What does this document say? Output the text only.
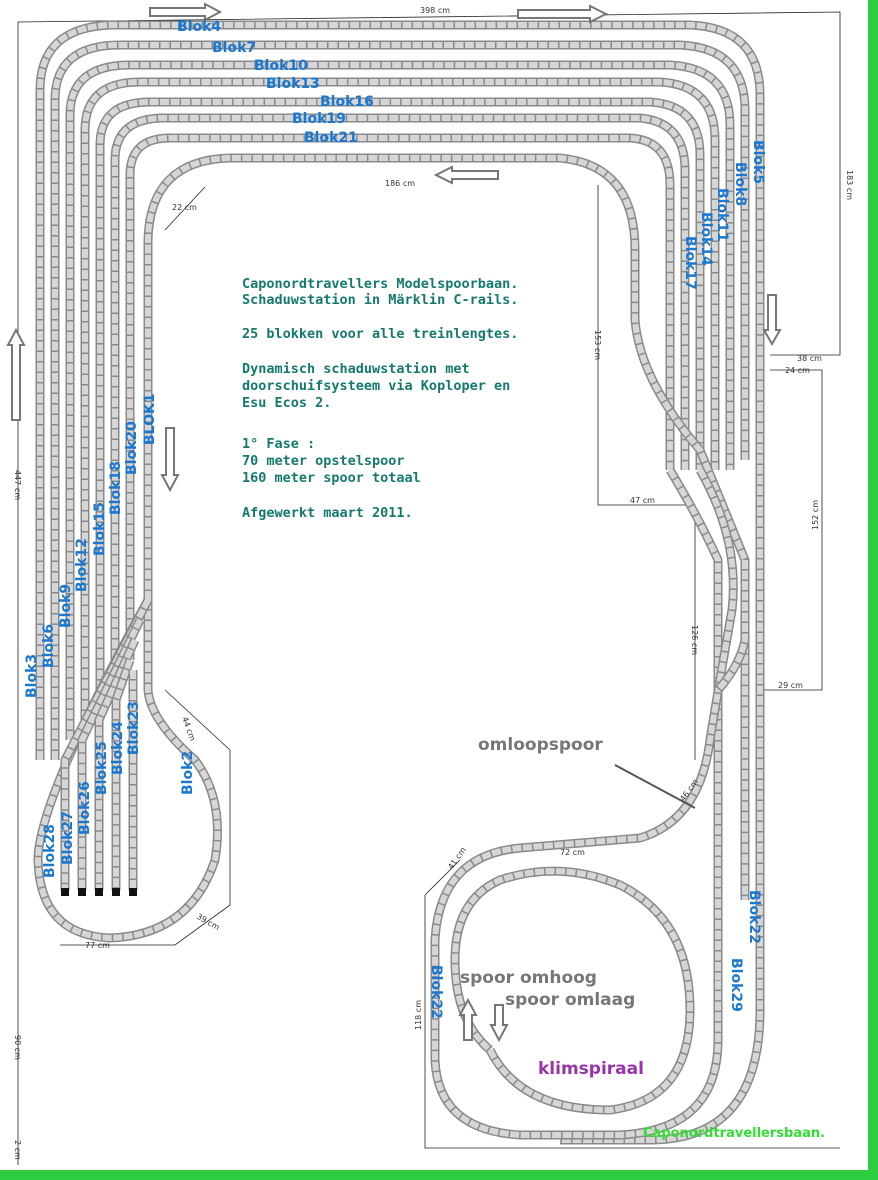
Blok4
Blok7
Blok10
Blok13
Blok16
Blok19
Blok21
Blok5
Blok8
Blok11
Blok14
Blok17
BLOK1
Blok20
Blok18
Blok15
Blok12
Blok9
Blok6
Blok3
Blok23
Blok24
Blok25
Blok26
Blok27
Blok28
Blok2
Blok22
Blok22
Blok29
Caponordtravellers Modelspoorbaan.
Schaduwstation in Märklin C-rails.
25 blokken voor alle treinlengtes.
Dynamisch schaduwstation met
doorschuifsysteem via Koploper en
Esu Ecos 2.
1° Fase :
70 meter opstelspoor
160 meter spoor totaal
Afgewerkt maart 2011.
omloopspoor
spoor omhoog
spoor omlaag
klimspiraal
Caponordtravellersbaan.
398 cm
183 cm
186 cm
153 cm
447 cm
38 cm
24 cm
47 cm	152 cm
126 cm
29 cm
22 cm
44 cm
46 cm
72 cm
41 cm
77 cm
39 cm
118 cm
90 cm
2 cm
